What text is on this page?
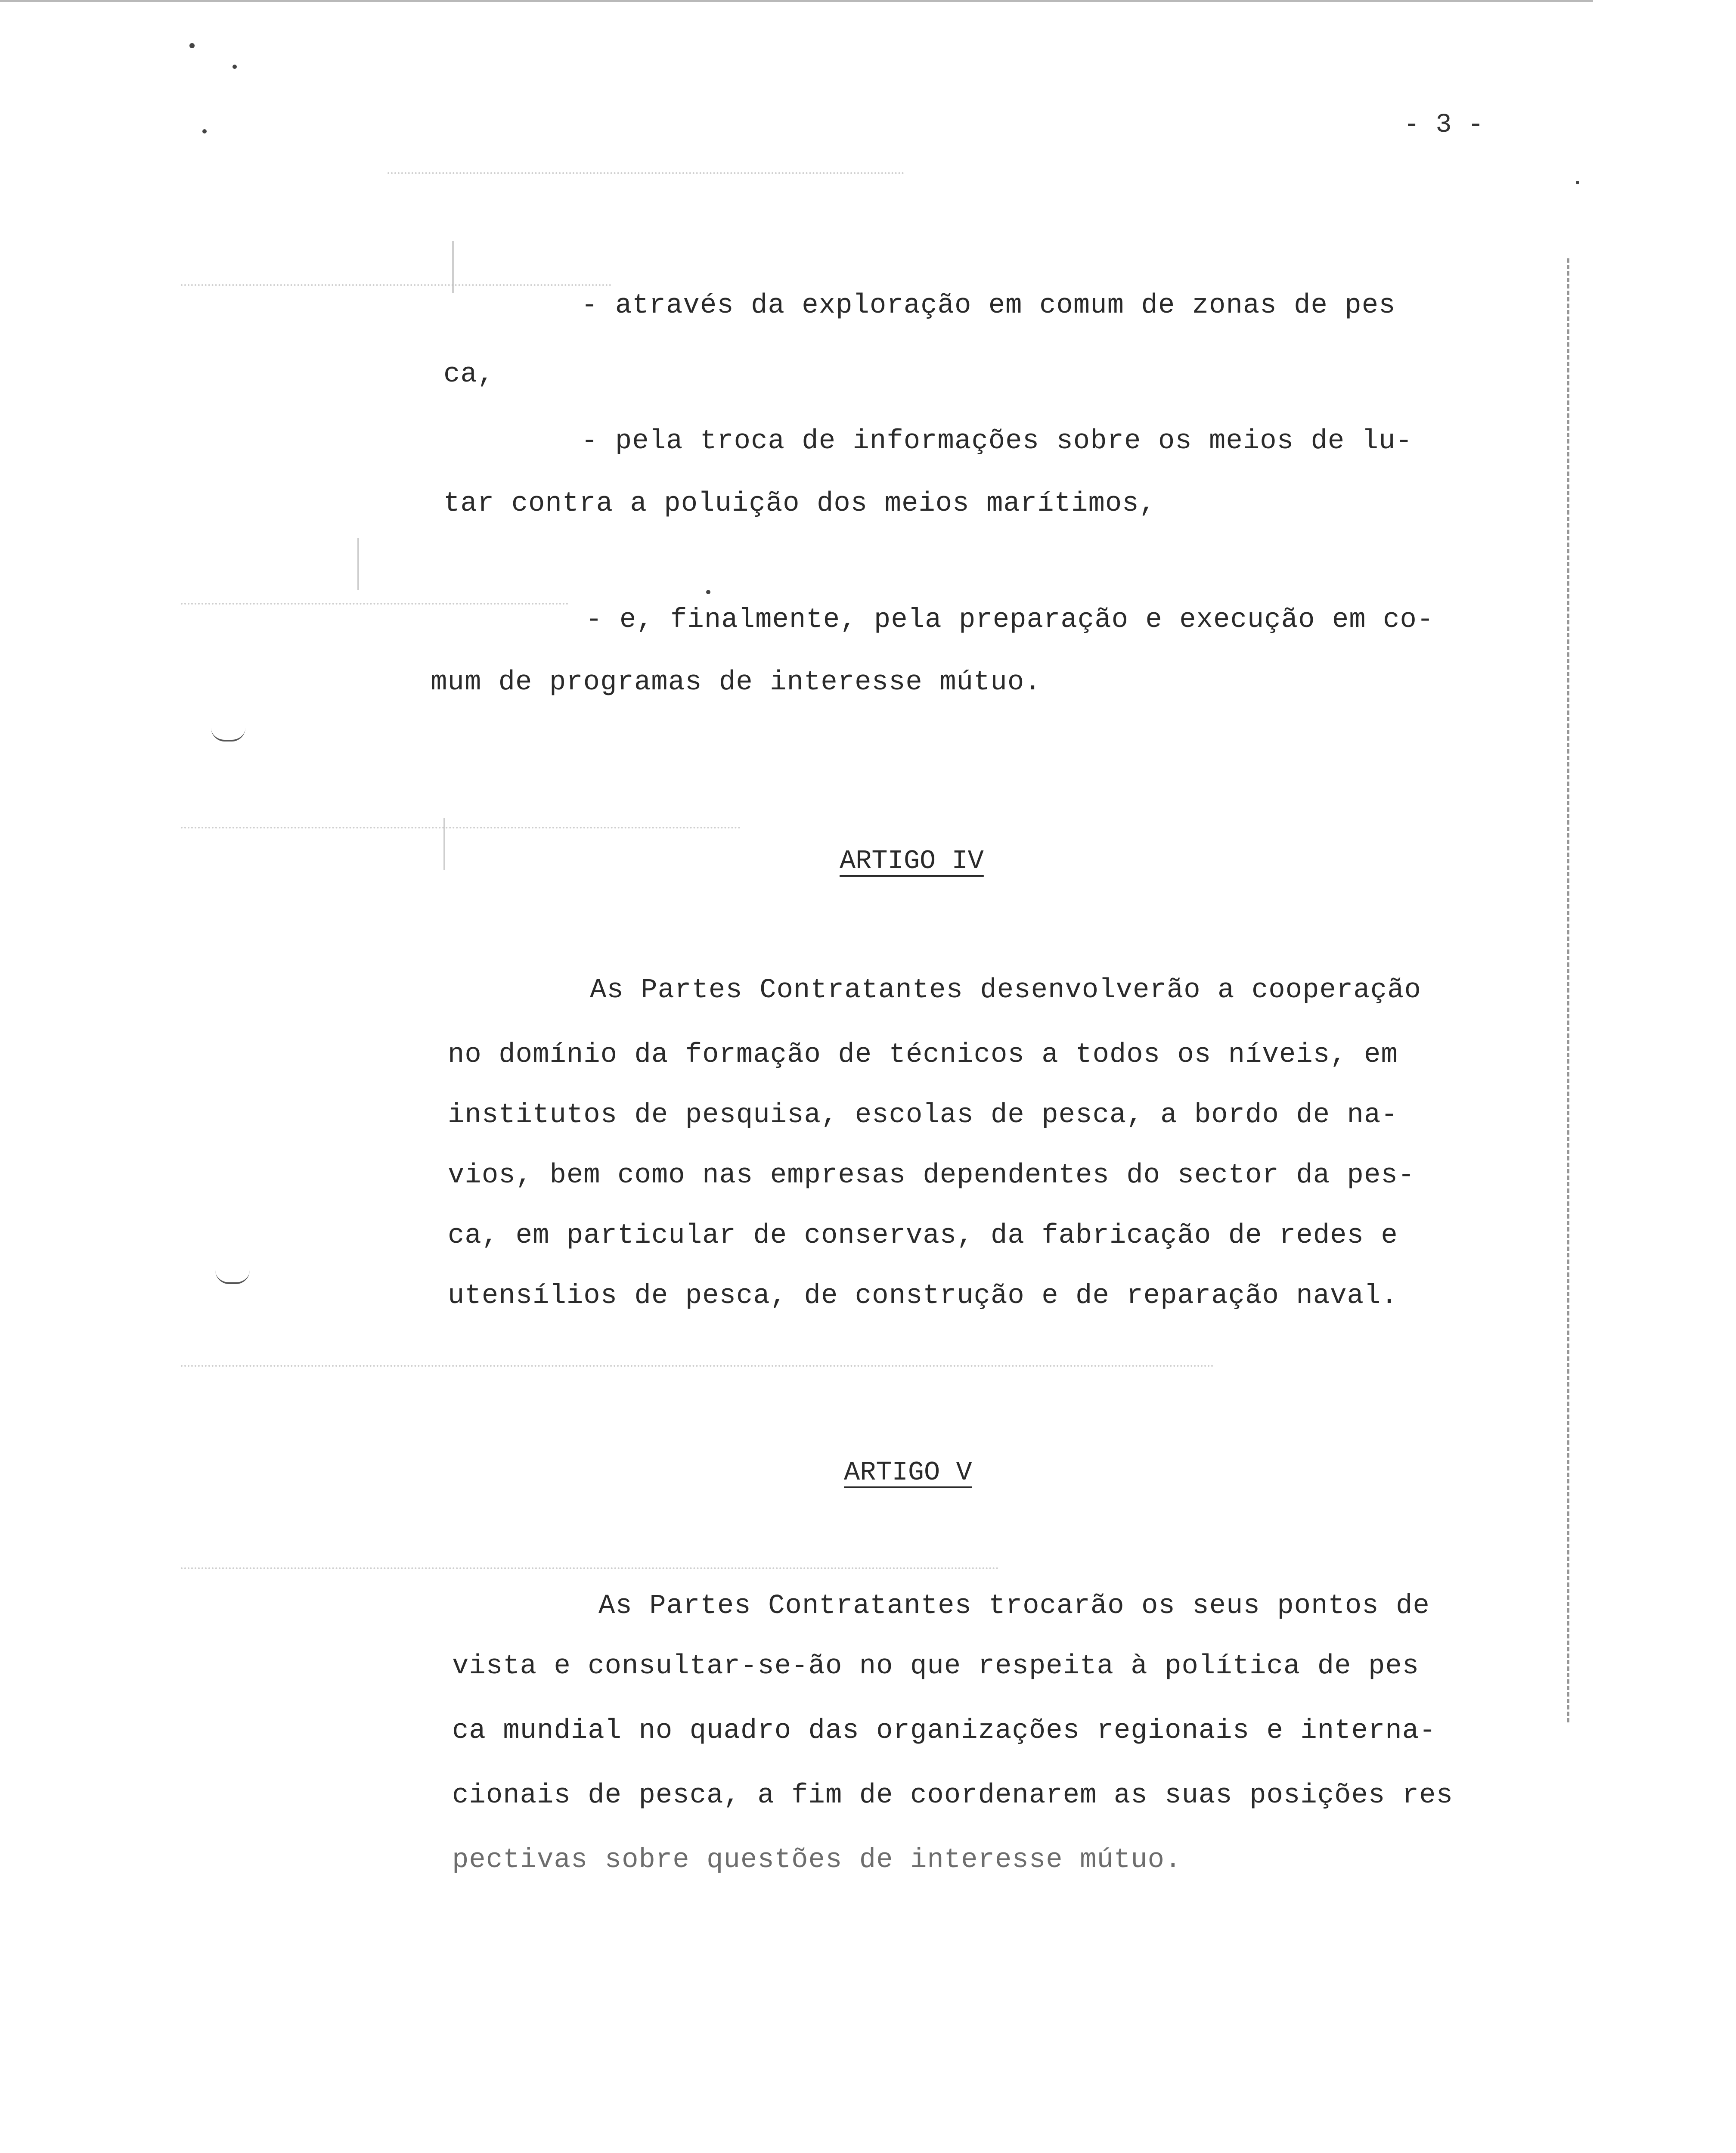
- 3 -
- através da exploração em comum de zonas de pes
ca,
- pela troca de informações sobre os meios de lu-
tar contra a poluição dos meios marítimos,
- e, finalmente, pela preparação e execução em co-
mum de programas de interesse mútuo.
ARTIGO IV
As Partes Contratantes desenvolverão a cooperação
no domínio da formação de técnicos a todos os níveis, em
institutos de pesquisa, escolas de pesca, a bordo de na-
vios, bem como nas empresas dependentes do sector da pes-
ca, em particular de conservas, da fabricação de redes e
utensílios de pesca, de construção e de reparação naval.
ARTIGO V
As Partes Contratantes trocarão os seus pontos de
vista e consultar-se-ão no que respeita à política de pes
ca mundial no quadro das organizações regionais e interna-
cionais de pesca, a fim de coordenarem as suas posições res
pectivas sobre questões de interesse mútuo.
